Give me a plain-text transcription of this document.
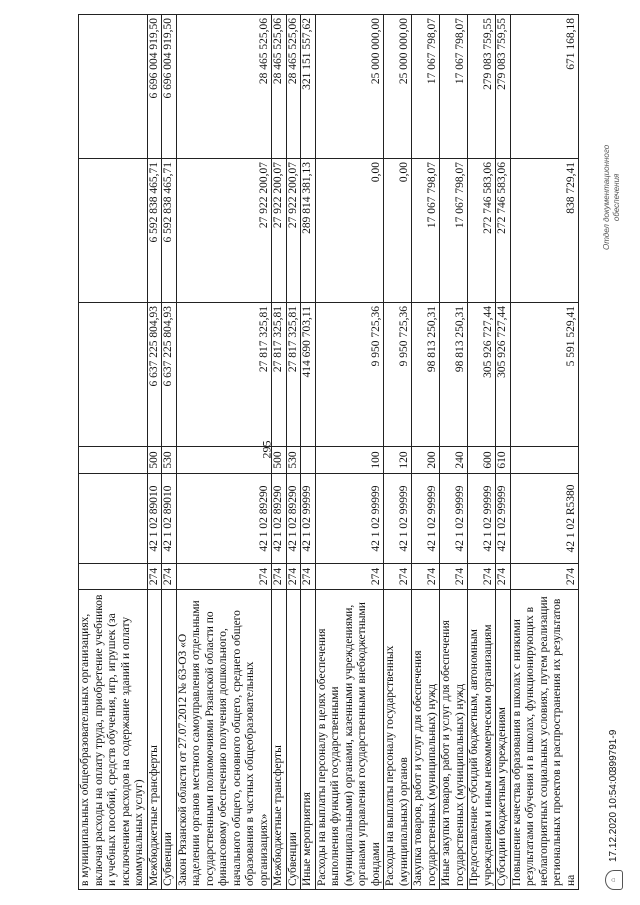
295
в муниципальных общеобразовательных организациях, включая расходы на оплату труда, приобретение учебников и учебных пособий, средств обучения, игр, игрушек (за исключением расходов на содержание зданий и оплату коммунальных услуг)						
Межбюджетные трансферты	274	42 1 02 89010	500	6 637 225 804,93	6 592 838 465,71	6 696 004 919,50
Субвенции	274	42 1 02 89010	530	6 637 225 804,93	6 592 838 465,71	6 696 004 919,50
Закон Рязанской области от 27.07.2012 № 63-ОЗ «О наделении органов местного самоуправления отдельными государственными полномочиями Рязанской области по финансовому обеспечению получения дошкольного, начального общего, основного общего, среднего общего образования в частных общеобразовательных организациях»	274	42 1 02 89290		27 817 325,81	27 922 200,07	28 465 525,06
Межбюджетные трансферты	274	42 1 02 89290	500	27 817 325,81	27 922 200,07	28 465 525,06
Субвенции	274	42 1 02 89290	530	27 817 325,81	27 922 200,07	28 465 525,06
Иные мероприятия	274	42 1 02 99999		414 690 703,11	289 814 381,13	321 151 557,62
Расходы на выплаты персоналу в целях обеспечения выполнения функций государственными (муниципальными) органами, казенными учреждениями, органами управления государственными внебюджетными фондами	274	42 1 02 99999	100	9 950 725,36	0,00	25 000 000,00
Расходы на выплаты персоналу государственных (муниципальных) органов	274	42 1 02 99999	120	9 950 725,36	0,00	25 000 000,00
Закупка товаров, работ и услуг для обеспечения государственных (муниципальных) нужд	274	42 1 02 99999	200	98 813 250,31	17 067 798,07	17 067 798,07
Иные закупки товаров, работ и услуг для обеспечения государственных (муниципальных) нужд	274	42 1 02 99999	240	98 813 250,31	17 067 798,07	17 067 798,07
Предоставление субсидий бюджетным, автономным учреждениям и иным некоммерческим организациям	274	42 1 02 99999	600	305 926 727,44	272 746 583,06	279 083 759,55
Субсидии бюджетным учреждениям	274	42 1 02 99999	610	305 926 727,44	272 746 583,06	279 083 759,55
Повышение качества образования в школах с низкими результатами обучения и в школах, функционирующих в неблагоприятных социальных условиях, путем реализации региональных проектов и распространения их результатов на	274	42 1 02 R5380		5 591 529,41	838 729,41	671 168,18
⌂
17.12.2020 10:54:00
399791-9
Отдел документационного обеспечения
